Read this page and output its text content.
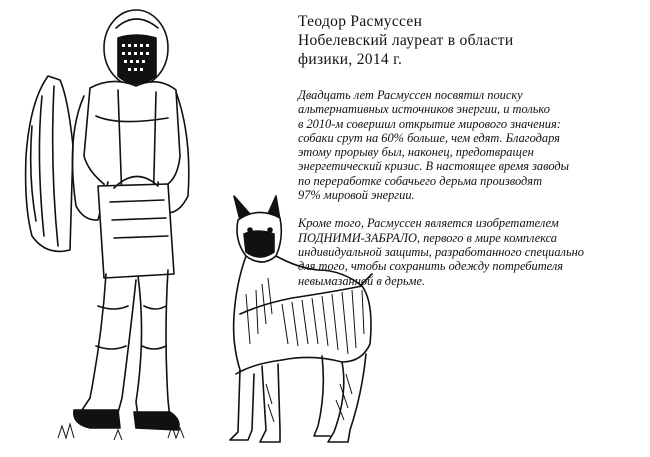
Теодор Расмуссен
Нобелевский лауреат в области
физики, 2014 г.
Двадцать лет Расмуссен посвятил поиску
альтернативных источников энергии, и только
в 2010-м совершил открытие мирового значения:
собаки срут на 60% больше, чем едят. Благодаря
этому прорыву был, наконец, предотвращен
энергетический кризис. В настоящее время заводы
по переработке собачьего дерьма производят
97% мировой энергии.
Кроме того, Расмуссен является изобретателем
ПОДНИМИ-ЗАБРАЛО, первого в мире комплекса
индивидуальной защиты, разработанного специально
для того, чтобы сохранить одежду потребителя
невымазанной в дерьме.
